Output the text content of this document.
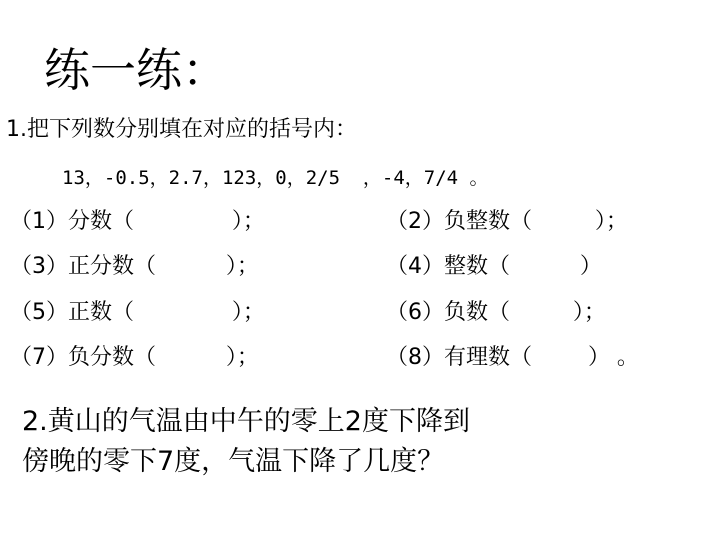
练一练：
1.把下列数分别填在对应的括号内：
13，-0.5，2.7，123，0，2/5  ，-4，7/4 。

（1）分数（              ）；

	（2）负整数（         ）；

（3）正分数（          ）；

	（4）整数（          ）

（5）正数（              ）；

	（6）负数（         ）；

（7）负分数（          ）；

	（8）有理数（        ） 。

2.黄山的气温由中午的零上2度下降到
傍晚的零下7度，气温下降了几度？
